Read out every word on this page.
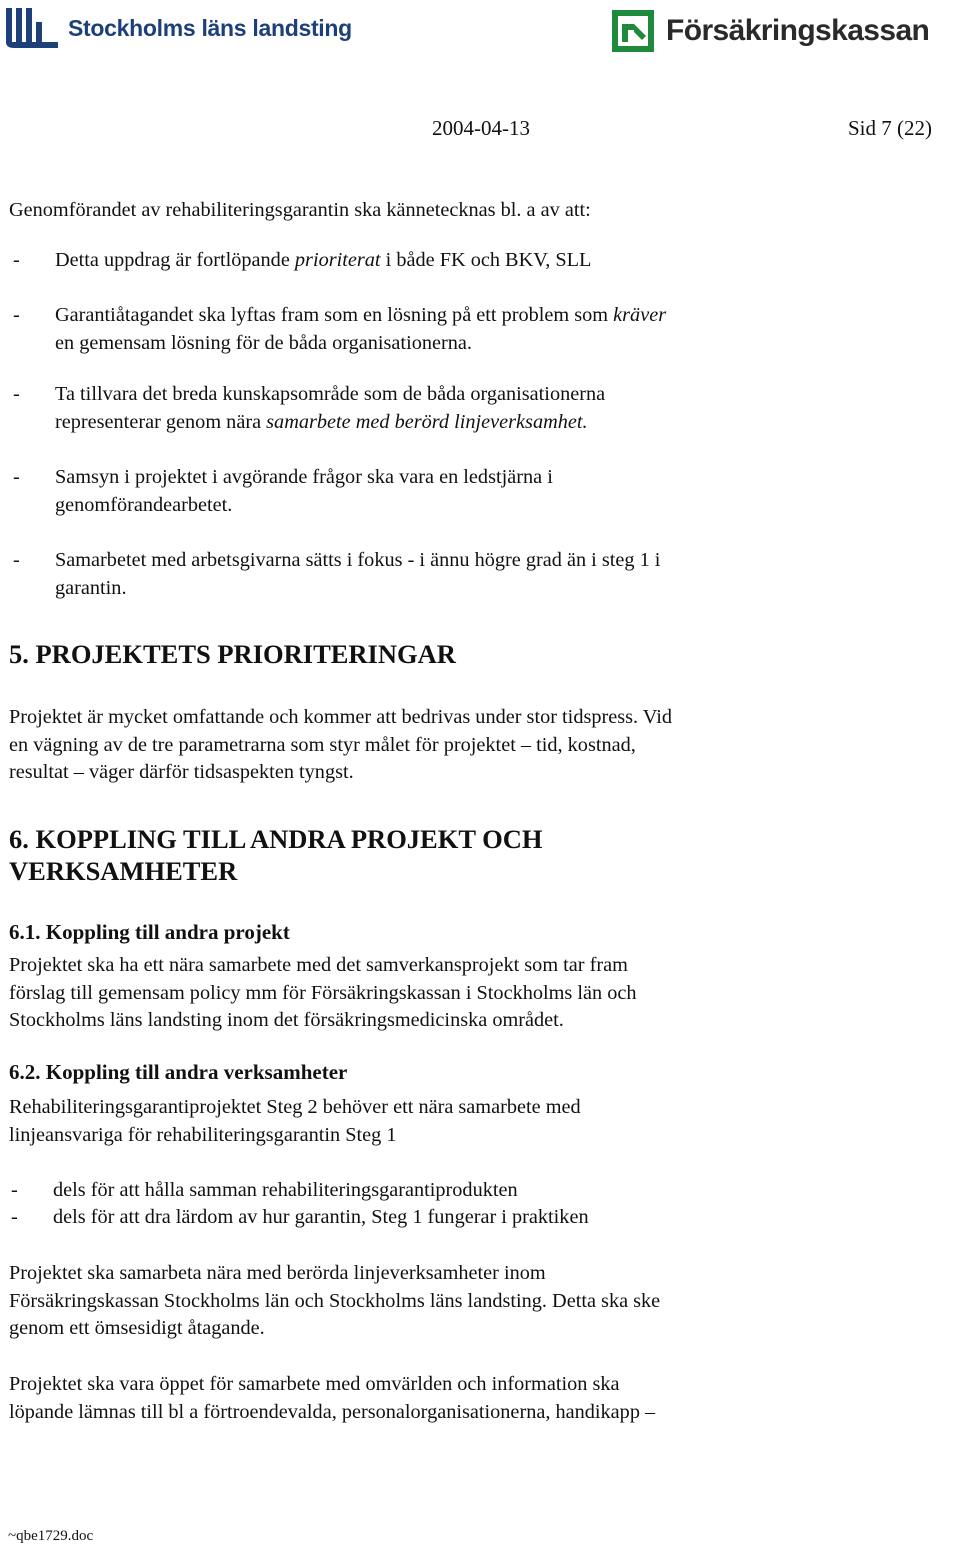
Stockholms läns landsting	Försäkringskassan
2004-04-13	Sid 7 (22)
Genomförandet av rehabiliteringsgarantin ska kännetecknas bl. a av att:
- Detta uppdrag är fortlöpande prioriterat i både FK och BKV, SLL
- Garantiåtagandet ska lyftas fram som en lösning på ett problem som kräver
en gemensam lösning för de båda organisationerna.
- Ta tillvara det breda kunskapsområde som de båda organisationerna
representerar genom nära samarbete med berörd linjeverksamhet.
- Samsyn i projektet i avgörande frågor ska vara en ledstjärna i
genomförandearbetet.
- Samarbetet med arbetsgivarna sätts i fokus - i ännu högre grad än i steg 1 i
garantin.
5. PROJEKTETS PRIORITERINGAR
Projektet är mycket omfattande och kommer att bedrivas under stor tidspress. Vid
en vägning av de tre parametrarna som styr målet för projektet – tid, kostnad,
resultat – väger därför tidsaspekten tyngst.
6. KOPPLING TILL ANDRA PROJEKT OCH
VERKSAMHETER
6.1. Koppling till andra projekt
Projektet ska ha ett nära samarbete med det samverkansprojekt som tar fram
förslag till gemensam policy mm för Försäkringskassan i Stockholms län och
Stockholms läns landsting inom det försäkringsmedicinska området.
6.2. Koppling till andra verksamheter
Rehabiliteringsgarantiprojektet Steg 2 behöver ett nära samarbete med
linjeansvariga för rehabiliteringsgarantin Steg 1
- dels för att hålla samman rehabiliteringsgarantiprodukten
- dels för att dra lärdom av hur garantin, Steg 1 fungerar i praktiken
Projektet ska samarbeta nära med berörda linjeverksamheter inom
Försäkringskassan Stockholms län och Stockholms läns landsting. Detta ska ske
genom ett ömsesidigt åtagande.
Projektet ska vara öppet för samarbete med omvärlden och information ska
löpande lämnas till bl a förtroendevalda, personalorganisationerna, handikapp –
~qbe1729.doc
